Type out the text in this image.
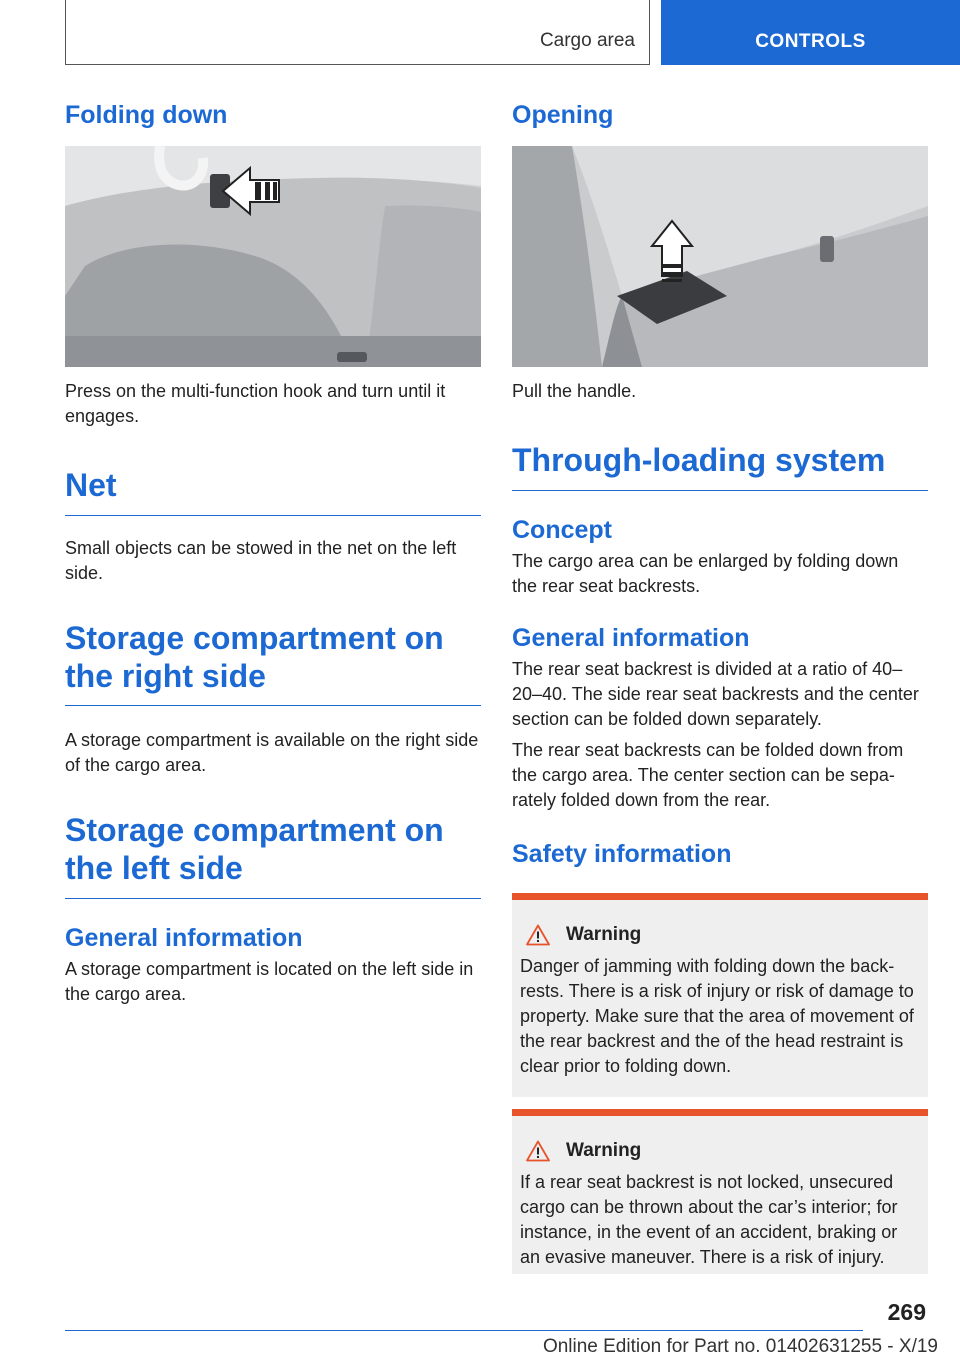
Cargo area	CONTROLS
Folding down

Press on the multi-function hook and turn until it engages.

Net

Small objects can be stowed in the net on the left side.

Storage compartment on the right side

A storage compartment is available on the right side of the cargo area.

Storage compartment on the left side
General information

A storage compartment is located on the left side in the cargo area.

Opening

Pull the handle.

Through-loading system
Concept

The cargo area can be enlarged by folding down the rear seat backrests.

General information

The rear seat backrest is divided at a ratio of 40–20–40. The side rear seat backrests and the center section can be folded down separately.

The rear seat backrests can be folded down from the cargo area. The center section can be separately folded down from the rear.

Safety information
Warning

Danger of jamming with folding down the backrests. There is a risk of injury or risk of damage to property. Make sure that the area of movement of the rear backrest and the of the head restraint is clear prior to folding down.

Warning

If a rear seat backrest is not locked, unsecured cargo can be thrown about the car’s interior; for instance, in the event of an accident, braking or an evasive maneuver. There is a risk of injury.

269
Online Edition for Part no. 01402631255 - X/19
